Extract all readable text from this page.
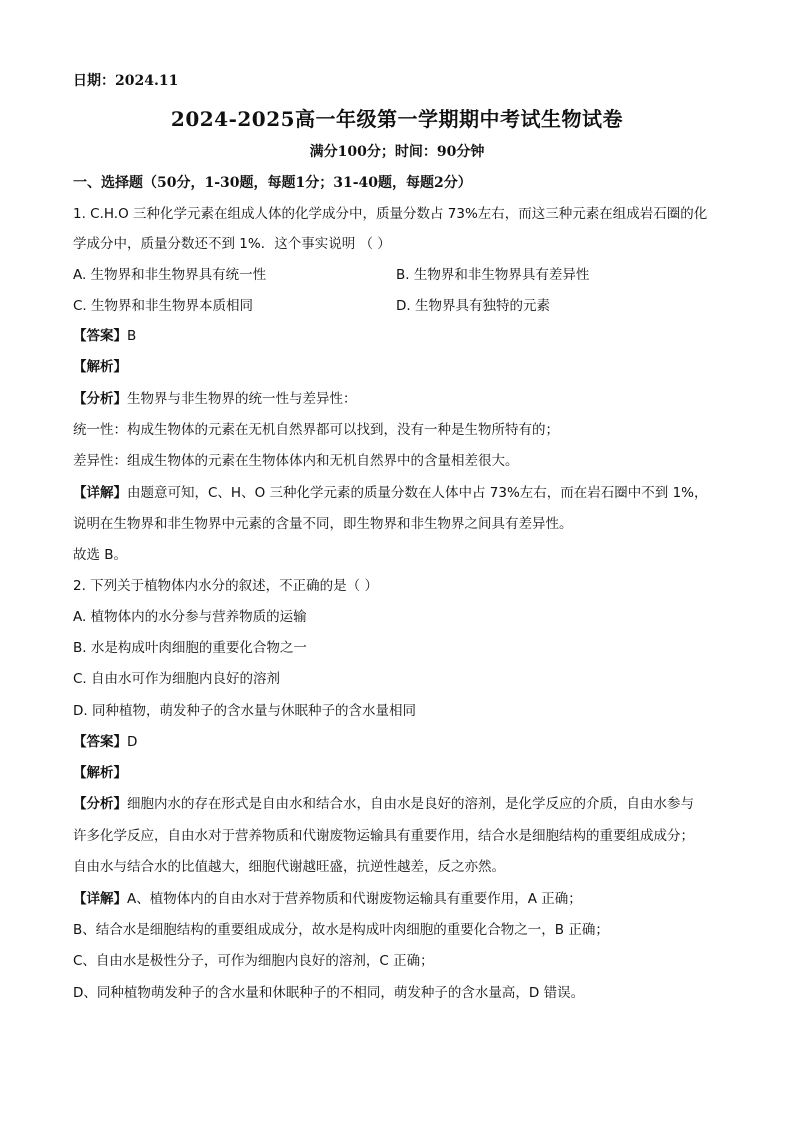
日期：2024.11
2024-2025高一年级第一学期期中考试生物试卷
满分100分；时间：90分钟
一、选择题（50分，1-30题，每题1分；31-40题，每题2分）
1. C.H.O 三种化学元素在组成人体的化学成分中，质量分数占 73%左右，而这三种元素在组成岩石圈的化
学成分中，质量分数还不到 1%．这个事实说明 （ ）
A. 生物界和非生物界具有统一性	B. 生物界和非生物界具有差异性
C. 生物界和非生物界本质相同	D. 生物界具有独特的元素
【答案】B
【解析】
【分析】生物界与非生物界的统一性与差异性：
统一性：构成生物体的元素在无机自然界都可以找到，没有一种是生物所特有的；
差异性：组成生物体的元素在生物体体内和无机自然界中的含量相差很大。
【详解】由题意可知，C、H、O 三种化学元素的质量分数在人体中占 73%左右，而在岩石圈中不到 1%，
说明在生物界和非生物界中元素的含量不同，即生物界和非生物界之间具有差异性。
故选 B。
2. 下列关于植物体内水分的叙述，不正确的是（ ）
A. 植物体内的水分参与营养物质的运输
B. 水是构成叶肉细胞的重要化合物之一
C. 自由水可作为细胞内良好的溶剂
D. 同种植物，萌发种子的含水量与休眠种子的含水量相同
【答案】D
【解析】
【分析】细胞内水的存在形式是自由水和结合水，自由水是良好的溶剂，是化学反应的介质，自由水参与
许多化学反应，自由水对于营养物质和代谢废物运输具有重要作用，结合水是细胞结构的重要组成成分；
自由水与结合水的比值越大，细胞代谢越旺盛，抗逆性越差，反之亦然。
【详解】A、植物体内的自由水对于营养物质和代谢废物运输具有重要作用，A 正确；
B、结合水是细胞结构的重要组成成分，故水是构成叶肉细胞的重要化合物之一，B 正确；
C、自由水是极性分子，可作为细胞内良好的溶剂，C 正确；
D、同种植物萌发种子的含水量和休眠种子的不相同，萌发种子的含水量高，D 错误。
